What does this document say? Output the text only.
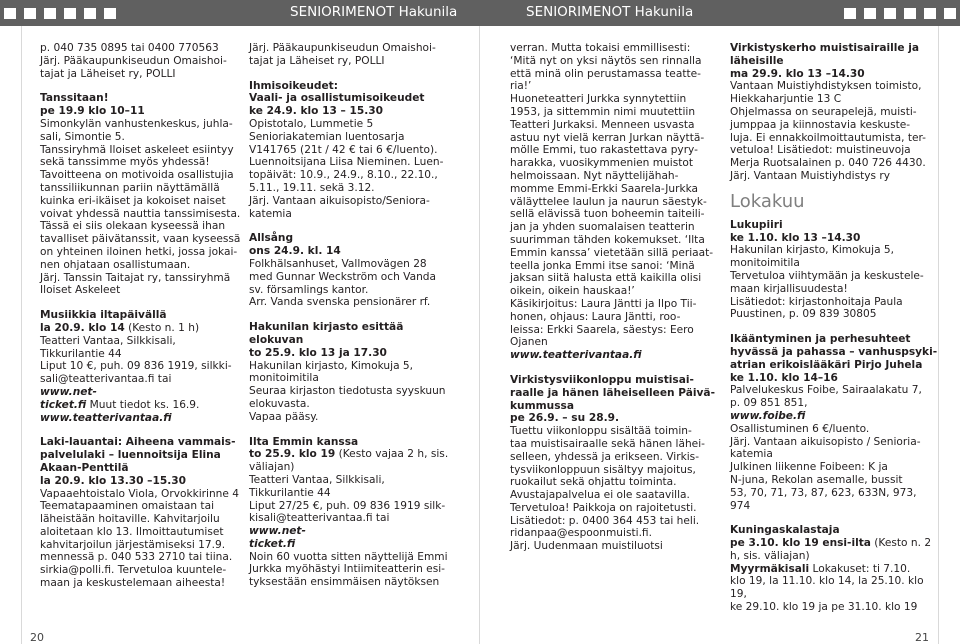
SENIORIMENOT Hakunila	SENIORIMENOT Hakunila
p. 040 735 0895 tai 0400 770563
Järj. Pääkaupunkiseudun Omaishoi-
tajat ja Läheiset ry, POLLI
Tanssitaan!
pe 19.9 klo 10–11
Simonkylän vanhustenkeskus, juhla-
sali, Simontie 5.
Tanssiryhmä Iloiset askeleet esiintyy
sekä tanssimme myös yhdessä!
Tavoitteena on motivoida osallistujia
tanssiliikunnan pariin näyttämällä
kuinka eri-ikäiset ja kokoiset naiset
voivat yhdessä nauttia tanssimisesta.
Tässä ei siis olekaan kyseessä ihan
tavalliset päivätanssit, vaan kyseessä
on yhteinen iloinen hetki, jossa jokai-
nen ohjataan osallistumaan.
Järj. Tanssin Taitajat ry, tanssiryhmä
Iloiset Askeleet
Musiikkia iltapäivällä
la 20.9. klo 14 (Kesto n. 1 h)
Teatteri Vantaa, Silkkisali,
Tikkurilantie 44
Liput 10 €, puh. 09 836 1919, silkki-
sali@teatterivantaa.fi tai
www.net-
ticket.fi Muut tiedot ks. 16.9.
www.teatterivantaa.fi
Laki-lauantai: Aiheena vammais-
palvelulaki – luennoitsija Elina
Akaan-Penttilä
la 20.9. klo 13.30 –15.30
Vapaaehtoistalo Viola, Orvokkirinne 4
Teematapaaminen omaistaan tai
läheistään hoitaville. Kahvitarjoilu
aloitetaan klo 13. Ilmoittautumiset
kahvitarjoilun järjestämiseksi 17.9.
mennessä p. 040 533 2710 tai tiina.
sirkia@polli.fi. Tervetuloa kuuntele-
maan ja keskustelemaan aiheesta!
Järj. Pääkaupunkiseudun Omaishoi-
tajat ja Läheiset ry, POLLI
Ihmisoikeudet:
Vaali- ja osallistumisoikeudet
ke 24.9. klo 13 – 15.30
Opistotalo, Lummetie 5
Senioriakatemian luentosarja
V141765 (21t / 42 € tai 6 €/luento).
Luennoitsijana Liisa Nieminen. Luen-
topäivät: 10.9., 24.9., 8.10., 22.10.,
5.11., 19.11. sekä 3.12.
Järj. Vantaan aikuisopisto/Seniora-
katemia
Allsång
ons 24.9. kl. 14
Folkhälsanhuset, Vallmovägen 28
med Gunnar Weckström och Vanda
sv. församlings kantor.
Arr. Vanda svenska pensionärer rf.
Hakunilan kirjasto esittää
elokuvan
to 25.9. klo 13 ja 17.30
Hakunilan kirjasto, Kimokuja 5,
monitoimitila
Seuraa kirjaston tiedotusta syyskuun
elokuvasta.
Vapaa pääsy.
Ilta Emmin kanssa
to 25.9. klo 19 (Kesto vajaa 2 h, sis.
väliajan)
Teatteri Vantaa, Silkkisali,
Tikkurilantie 44
Liput 27/25 €, puh. 09 836 1919 silk-
kisali@teatterivantaa.fi tai
www.net-
ticket.fi
Noin 60 vuotta sitten näyttelijä Emmi
Jurkka myöhästyi Intiimiteatterin esi-
tyksestään ensimmäisen näytöksen
verran. Mutta tokaisi emmillisesti:
‘Mitä nyt on yksi näytös sen rinnalla
että minä olin perustamassa teatte-
ria!’
Huoneteatteri Jurkka synnytettiin
1953, ja sittemmin nimi muutettiin
Teatteri Jurkaksi. Menneen usvasta
astuu nyt vielä kerran Jurkan näyttä-
mölle Emmi, tuo rakastettava pyry-
harakka, vuosikymmenien muistot
helmoissaan. Nyt näyttelijähah-
momme Emmi-Erkki Saarela-Jurkka
väläyttelee laulun ja naurun säestyk-
sellä elävissä tuon boheemin taiteili-
jan ja yhden suomalaisen teatterin
suurimman tähden kokemukset. ‘Ilta
Emmin kanssa’ vietetään sillä periaat-
teella jonka Emmi itse sanoi: ‘Minä
jaksan siitä halusta että kaikilla olisi
oikein, oikein hauskaa!’
Käsikirjoitus: Laura Jäntti ja Ilpo Tii-
honen, ohjaus: Laura Jäntti, roo-
leissa: Erkki Saarela, säestys: Eero
Ojanen
www.teatterivantaa.fi
Virkistysviikonloppu muistisai-
raalle ja hänen läheiselleen Päivä-
kummussa
pe 26.9. – su 28.9.
Tuettu viikonloppu sisältää toimin-
taa muistisairaalle sekä hänen lähei-
selleen, yhdessä ja erikseen. Virkis-
tysviikonloppuun sisältyy majoitus,
ruokailut sekä ohjattu toiminta.
Avustajapalvelua ei ole saatavilla.
Tervetuloa! Paikkoja on rajoitetusti.
Lisätiedot: p. 0400 364 453 tai heli.
ridanpaa@espoonmuisti.fi.
Järj. Uudenmaan muistiluotsi
Virkistyskerho muistisairaille ja
läheisille
ma 29.9. klo 13 –14.30
Vantaan Muistiyhdistyksen toimisto,
Hiekkaharjuntie 13 C
Ohjelmassa on seurapelejä, muisti-
jumppaa ja kiinnostavia keskuste-
luja. Ei ennakkoilmoittautumista, ter-
vetuloa! Lisätiedot: muistineuvoja
Merja Ruotsalainen p. 040 726 4430.
Järj. Vantaan Muistiyhdistys ry
Lokakuu
Lukupiiri
ke 1.10. klo 13 –14.30
Hakunilan kirjasto, Kimokuja 5,
monitoimitila
Tervetuloa viihtymään ja keskustele-
maan kirjallisuudesta!
Lisätiedot: kirjastonhoitaja Paula
Puustinen, p. 09 839 30805
Ikääntyminen ja perhesuhteet
hyvässä ja pahassa – vanhuspsyki-
atrian erikoislääkäri Pirjo Juhela
ke 1.10. klo 14–16
Palvelukeskus Foibe, Sairaalakatu 7,
p. 09 851 851,
www.foibe.fi
Osallistuminen 6 €/luento.
Järj. Vantaan aikuisopisto / Senioria-
katemia
Julkinen liikenne Foibeen: K ja
N-juna, Rekolan asemalle, bussit
53, 70, 71, 73, 87, 623, 633N, 973, 974
Kuningaskalastaja
pe 3.10. klo 19 ensi-ilta (Kesto n. 2
h, sis. väliajan)
Myyrmäkisali Lokakuset: ti 7.10.
klo 19, la 11.10. klo 14, la 25.10. klo 19,
ke 29.10. klo 19 ja pe 31.10. klo 19
20	21
